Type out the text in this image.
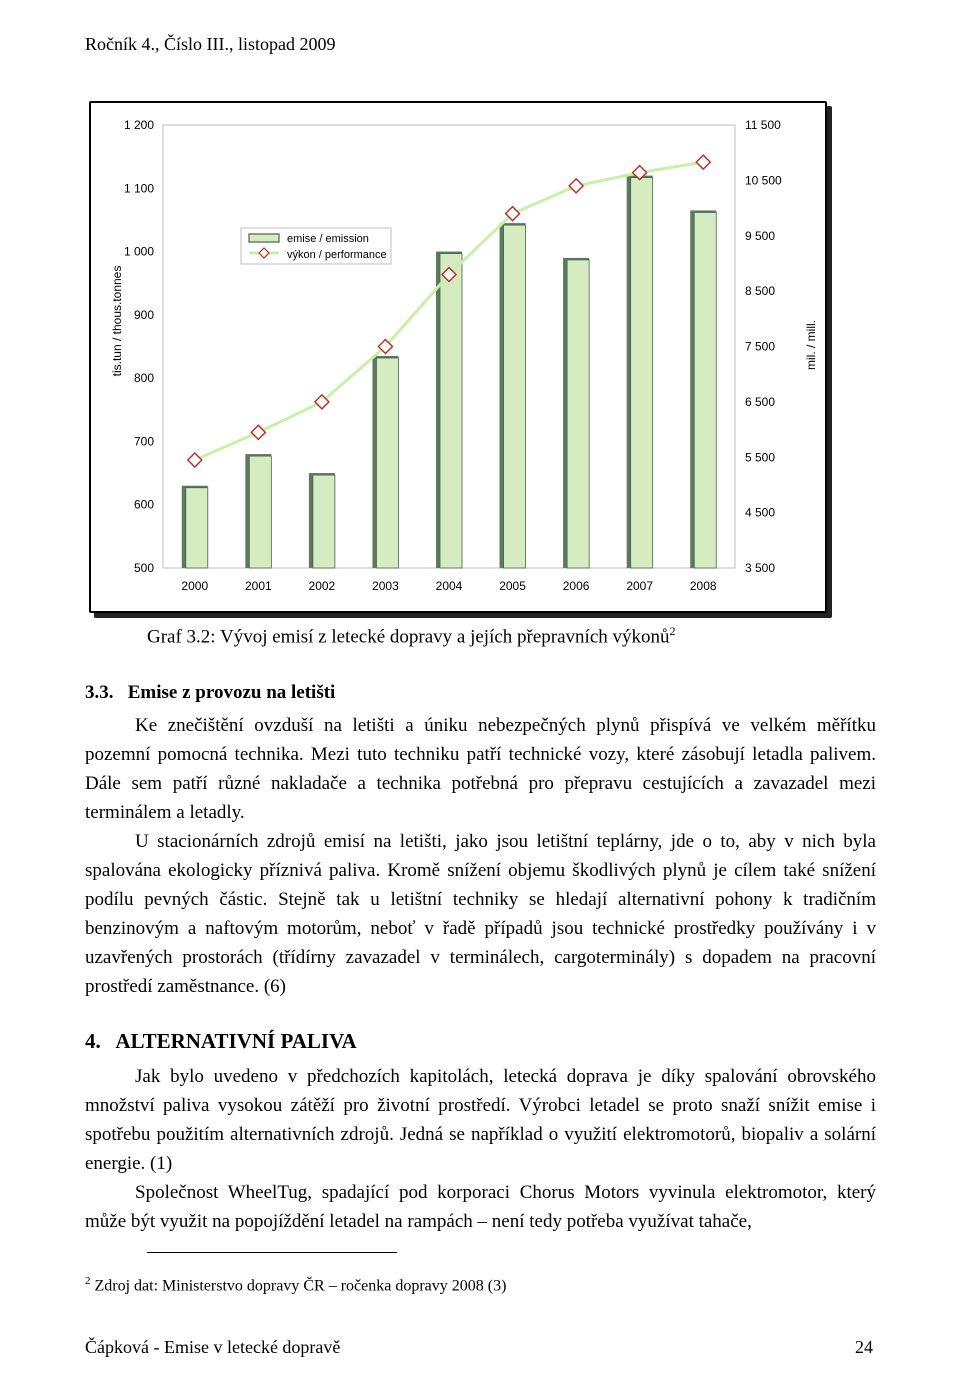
Ročník 4., Číslo III., listopad 2009
1 200
1 100
1 000
900
800
700
600
500
11 500
10 500
9 500
8 500
7 500
6 500
5 500
4 500
3 500
tis.tun / thous.tonnes	mil. / mill.
2000	2001	2002	2003	2004	2005	2006	2007	2008
emise / emission
výkon / performance
Graf 3.2: Vývoj emisí z letecké dopravy a jejích přepravních výkonů$^2$
3.3.   Emise z provozu na letišti

Ke znečištění ovzduší na letišti a úniku nebezpečných plynů přispívá ve velkém měřítku pozemní pomocná technika. Mezi tuto techniku patří technické vozy, které zásobují letadla palivem. Dále sem patří různé nakladače a technika potřebná pro přepravu cestujících a zavazadel mezi terminálem a letadly.

U stacionárních zdrojů emisí na letišti, jako jsou letištní teplárny, jde o to, aby v nich byla spalována ekologicky příznivá paliva. Kromě snížení objemu škodlivých plynů je cílem také snížení podílu pevných částic. Stejně tak u letištní techniky se hledají alternativní pohony k tradičním benzinovým a naftovým motorům, neboť v řadě případů jsou technické prostředky používány i v uzavřených prostorách (třídírny zavazadel v terminálech, cargoterminály) s dopadem na pracovní prostředí zaměstnance. (6)

4.   ALTERNATIVNÍ PALIVA

Jak bylo uvedeno v předchozích kapitolách, letecká doprava je díky spalování obrovského množství paliva vysokou zátěží pro životní prostředí. Výrobci letadel se proto snaží snížit emise i spotřebu použitím alternativních zdrojů. Jedná se například o využití elektromotorů, biopaliv a solární energie. (1)

Společnost WheelTug, spadající pod korporaci Chorus Motors vyvinula elektromotor, který může být využit na popojíždění letadel na rampách – není tedy potřeba využívat tahače,

$^2$ Zdroj dat: Ministerstvo dopravy ČR – ročenka dopravy 2008 (3)
Čápková - Emise v letecké dopravě	24
